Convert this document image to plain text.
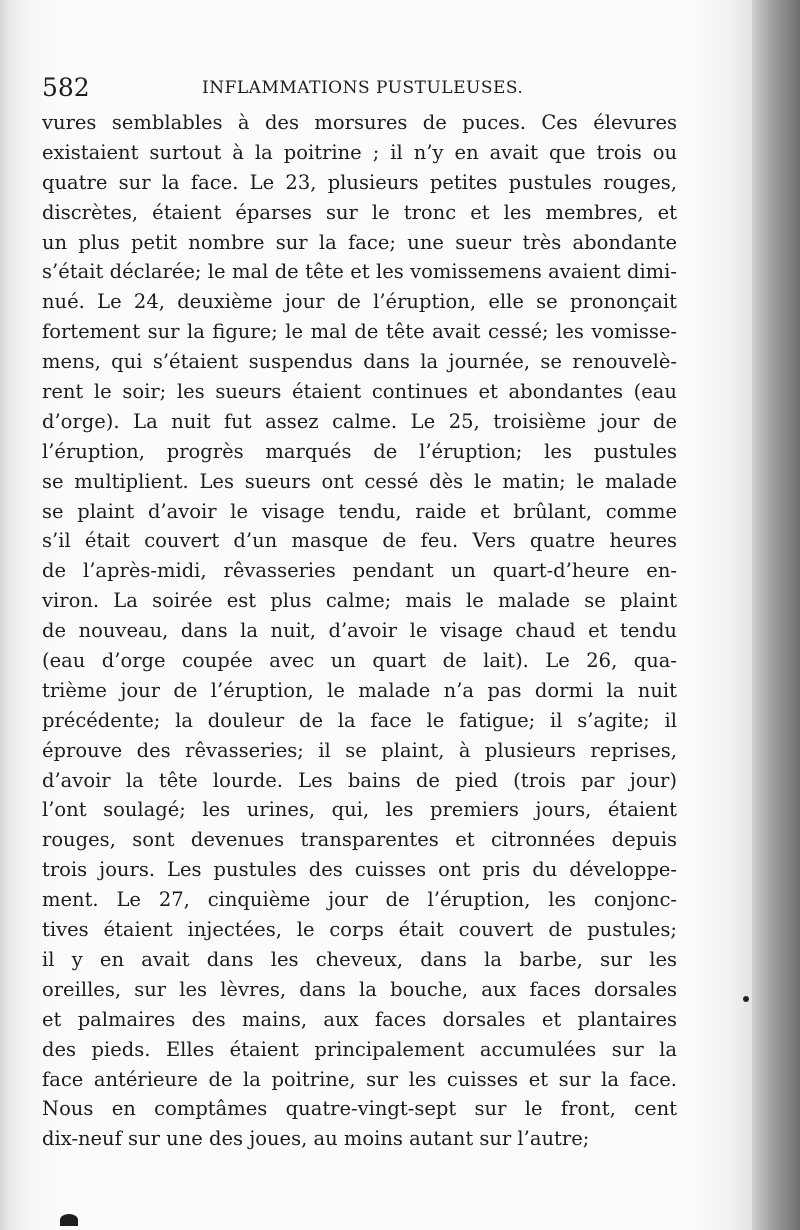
582	INFLAMMATIONS PUSTULEUSES.
vures semblables à des morsures de puces. Ces élevures
existaient surtout à la poitrine ; il n’y en avait que trois ou
quatre sur la face. Le 23, plusieurs petites pustules rouges,
discrètes, étaient éparses sur le tronc et les membres, et
un plus petit nombre sur la face; une sueur très abondante
s’était déclarée; le mal de tête et les vomissemens avaient dimi-
nué. Le 24, deuxième jour de l’éruption, elle se prononçait
fortement sur la figure; le mal de tête avait cessé; les vomisse-
mens, qui s’étaient suspendus dans la journée, se renouvelè-
rent le soir; les sueurs étaient continues et abondantes (eau
d’orge). La nuit fut assez calme. Le 25, troisième jour de
l’éruption, progrès marqués de l’éruption; les pustules
se multiplient. Les sueurs ont cessé dès le matin; le malade
se plaint d’avoir le visage tendu, raide et brûlant, comme
s’il était couvert d’un masque de feu. Vers quatre heures
de l’après-midi, rêvasseries pendant un quart-d’heure en-
viron. La soirée est plus calme; mais le malade se plaint
de nouveau, dans la nuit, d’avoir le visage chaud et tendu
(eau d’orge coupée avec un quart de lait). Le 26, qua-
trième jour de l’éruption, le malade n’a pas dormi la nuit
précédente; la douleur de la face le fatigue; il s’agite; il
éprouve des rêvasseries; il se plaint, à plusieurs reprises,
d’avoir la tête lourde. Les bains de pied (trois par jour)
l’ont soulagé; les urines, qui, les premiers jours, étaient
rouges, sont devenues transparentes et citronnées depuis
trois jours. Les pustules des cuisses ont pris du développe-
ment. Le 27, cinquième jour de l’éruption, les conjonc-
tives étaient injectées, le corps était couvert de pustules;
il y en avait dans les cheveux, dans la barbe, sur les
oreilles, sur les lèvres, dans la bouche, aux faces dorsales
et palmaires des mains, aux faces dorsales et plantaires
des pieds. Elles étaient principalement accumulées sur la
face antérieure de la poitrine, sur les cuisses et sur la face.
Nous en comptâmes quatre-vingt-sept sur le front, cent
dix-neuf sur une des joues, au moins autant sur l’autre;
